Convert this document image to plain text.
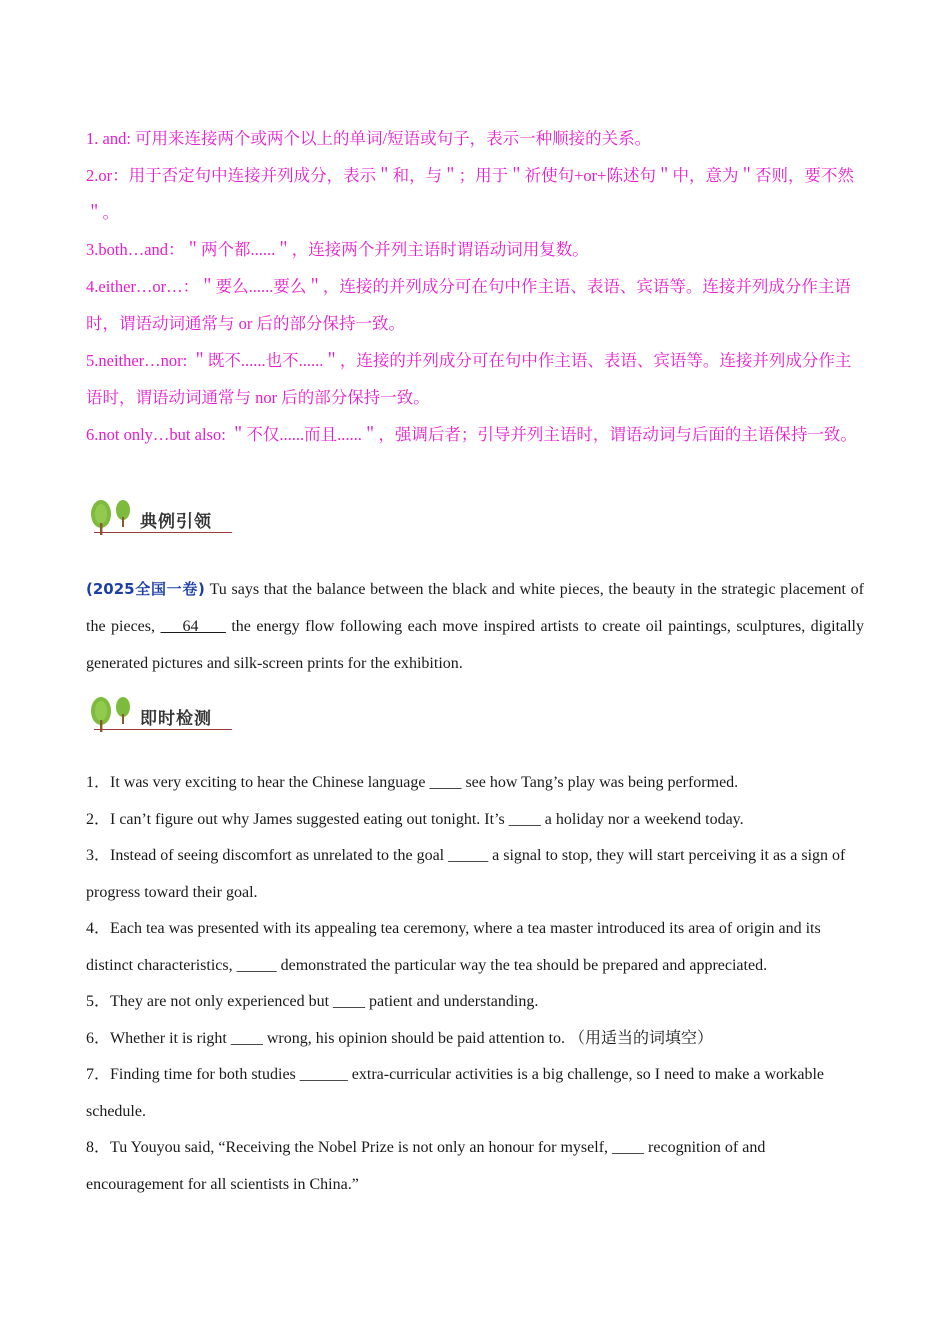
1. and: 可用来连接两个或两个以上的单词/短语或句子，表示一种顺接的关系。
2.or：用于否定句中连接并列成分，表示＂和，与＂；用于＂祈使句+or+陈述句＂中，意为＂否则，要不然＂。
3.both…and：＂两个都......＂，连接两个并列主语时谓语动词用复数。
4.either…or…：＂要么......要么＂，连接的并列成分可在句中作主语、表语、宾语等。连接并列成分作主语时，谓语动词通常与 or 后的部分保持一致。
5.neither…nor: ＂既不......也不......＂，连接的并列成分可在句中作主语、表语、宾语等。连接并列成分作主语时，谓语动词通常与 nor 后的部分保持一致。
6.not only…but also: ＂不仅......而且......＂，强调后者；引导并列主语时，谓语动词与后面的主语保持一致。
典例引领
(2025全国一卷) Tu says that the balance between the black and white pieces, the beauty in the strategic placement of the pieces,     64      the energy flow following each move inspired artists to create oil paintings, sculptures, digitally generated pictures and silk-screen prints for the exhibition.
即时检测
1．It was very exciting to hear the Chinese language ____ see how Tang’s play was being performed.
2．I can’t figure out why James suggested eating out tonight. It’s ____ a holiday nor a weekend today.
3．Instead of seeing discomfort as unrelated to the goal _____ a signal to stop, they will start perceiving it as a sign of progress toward their goal.
4．Each tea was presented with its appealing tea ceremony, where a tea master introduced its area of origin and its distinct characteristics, _____ demonstrated the particular way the tea should be prepared and appreciated.
5．They are not only experienced but ____ patient and understanding.
6．Whether it is right ____ wrong, his opinion should be paid attention to. （用适当的词填空）
7．Finding time for both studies ______ extra-curricular activities is a big challenge, so I need to make a workable schedule.
8．Tu Youyou said, “Receiving the Nobel Prize is not only an honour for myself, ____ recognition of and encouragement for all scientists in China.”
